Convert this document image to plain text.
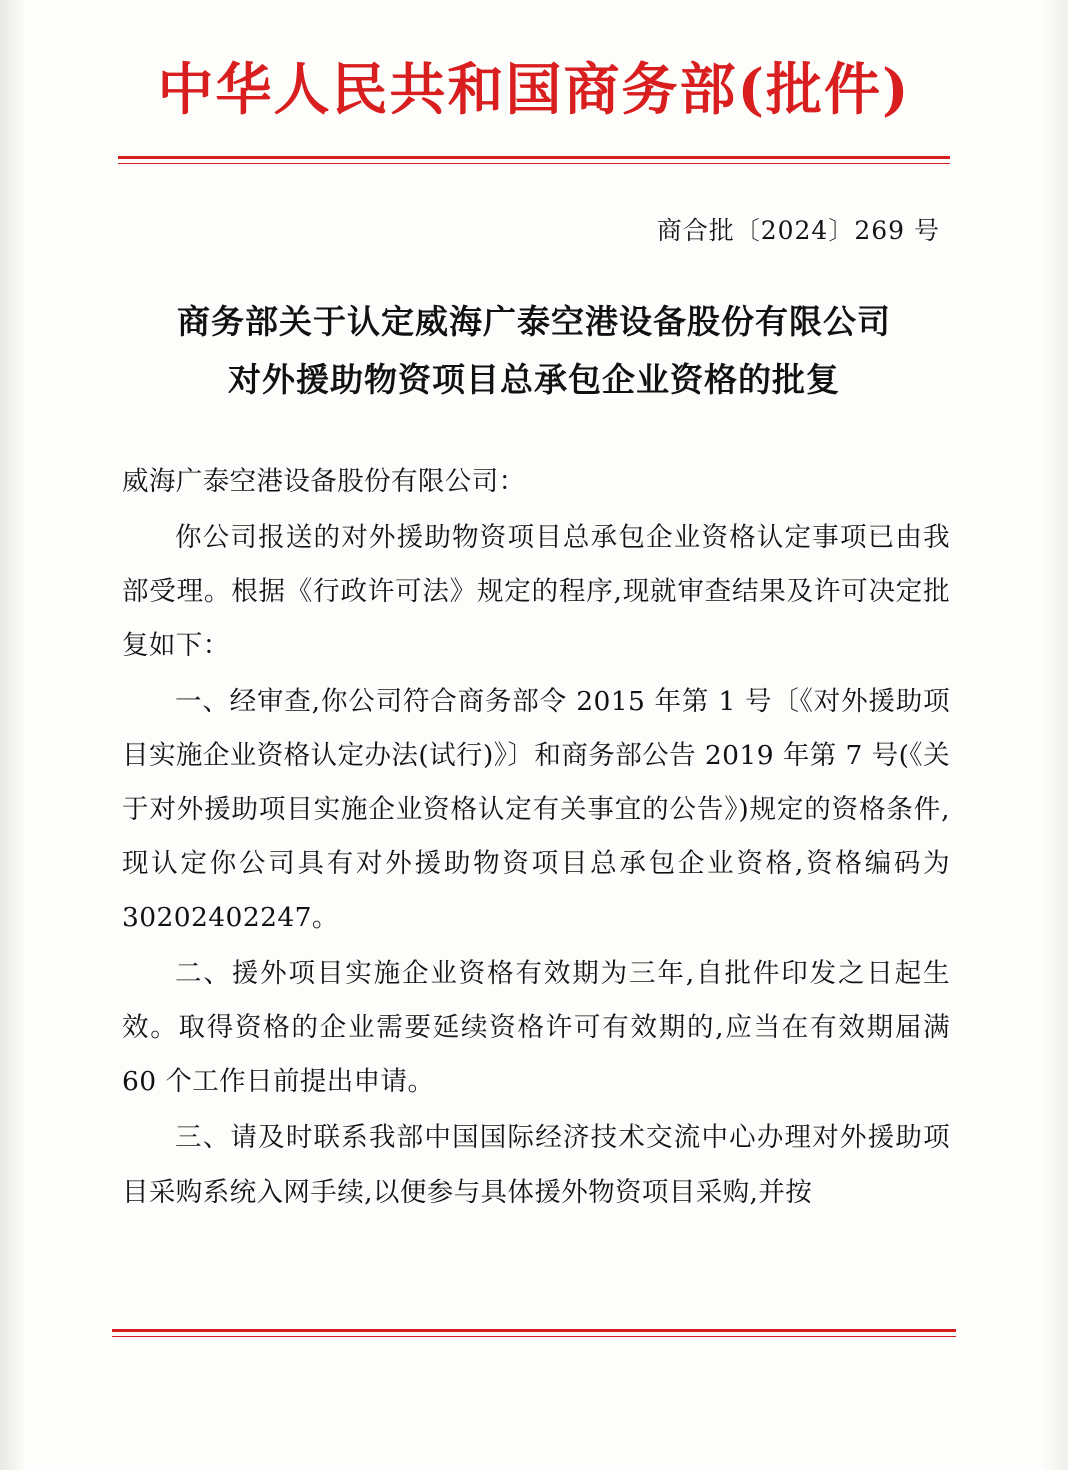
中华人民共和国商务部(批件)
商合批〔2024〕269 号
商务部关于认定威海广泰空港设备股份有限公司
对外援助物资项目总承包企业资格的批复

威海广泰空港设备股份有限公司：

你公司报送的对外援助物资项目总承包企业资格认定事项已由我部受理。根据《行政许可法》规定的程序,现就审查结果及许可决定批复如下：

一、经审查,你公司符合商务部令 2015 年第 1 号〔《对外援助项目实施企业资格认定办法(试行)》〕和商务部公告 2019 年第 7 号(《关于对外援助项目实施企业资格认定有关事宜的公告》)规定的资格条件,现认定你公司具有对外援助物资项目总承包企业资格,资格编码为 30202402247。

二、援外项目实施企业资格有效期为三年,自批件印发之日起生效。取得资格的企业需要延续资格许可有效期的,应当在有效期届满 60 个工作日前提出申请。

三、请及时联系我部中国国际经济技术交流中心办理对外援助项目采购系统入网手续,以便参与具体援外物资项目采购,并按
